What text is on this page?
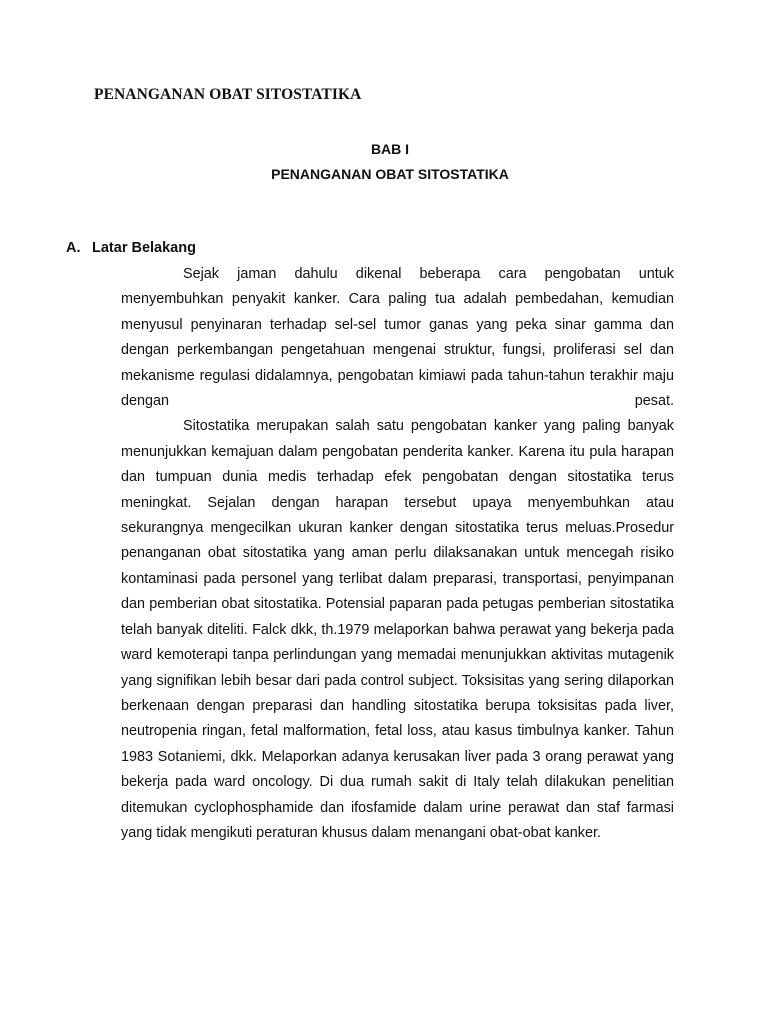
PENANGANAN OBAT SITOSTATIKA
BAB I
PENANGANAN OBAT SITOSTATIKA
A. Latar Belakang

Sejak jaman dahulu dikenal beberapa cara pengobatan untuk menyembuhkan penyakit kanker. Cara paling tua adalah pembedahan, kemudian menyusul penyinaran terhadap sel-sel tumor ganas yang peka sinar gamma dan dengan perkembangan pengetahuan mengenai struktur, fungsi, proliferasi sel dan mekanisme regulasi didalamnya, pengobatan kimiawi pada tahun-tahun terakhir maju dengan pesat.

Sitostatika merupakan salah satu pengobatan kanker yang paling banyak menunjukkan kemajuan dalam pengobatan penderita kanker. Karena itu pula harapan dan tumpuan dunia medis terhadap efek pengobatan dengan sitostatika terus meningkat. Sejalan dengan harapan tersebut upaya menyembuhkan atau sekurangnya mengecilkan ukuran kanker dengan sitostatika terus meluas.Prosedur penanganan obat sitostatika yang aman perlu dilaksanakan untuk mencegah risiko kontaminasi pada personel yang terlibat dalam preparasi, transportasi, penyimpanan dan pemberian obat sitostatika. Potensial paparan pada petugas pemberian sitostatika telah banyak diteliti. Falck dkk, th.1979 melaporkan bahwa perawat yang bekerja pada ward kemoterapi tanpa perlindungan yang memadai menunjukkan aktivitas mutagenik yang signifikan lebih besar dari pada control subject. Toksisitas yang sering dilaporkan berkenaan dengan preparasi dan handling sitostatika berupa toksisitas pada liver, neutropenia ringan, fetal malformation, fetal loss, atau kasus timbulnya kanker. Tahun 1983 Sotaniemi, dkk. Melaporkan adanya kerusakan liver pada 3 orang perawat yang bekerja pada ward oncology. Di dua rumah sakit di Italy telah dilakukan penelitian ditemukan cyclophosphamide dan ifosfamide dalam urine perawat dan staf farmasi yang tidak mengikuti peraturan khusus dalam menangani obat-obat kanker.
